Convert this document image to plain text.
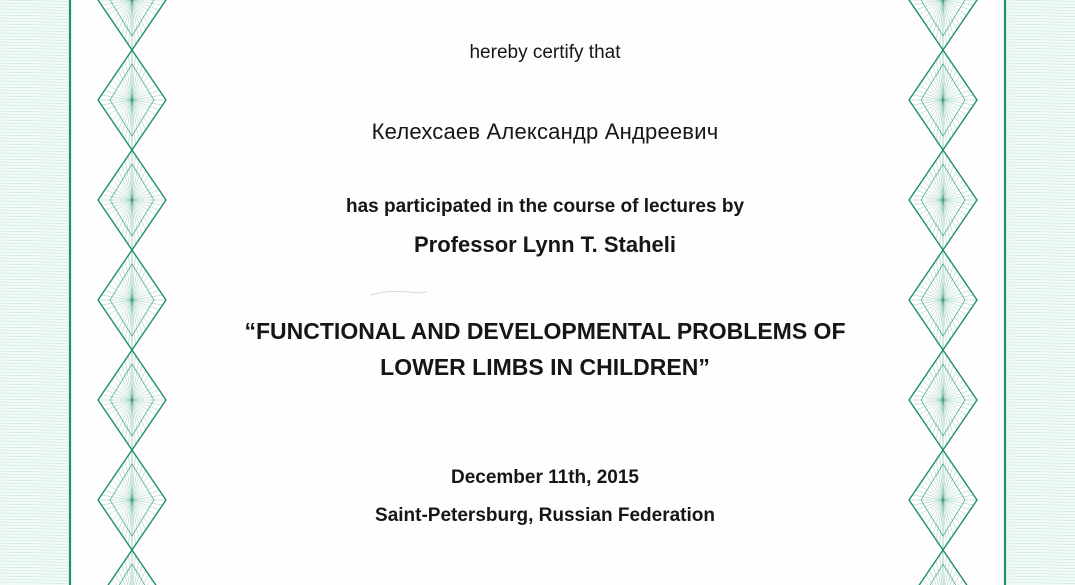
hereby certify that
Келехсаев Александр Андреевич
has participated in the course of lectures by
Professor Lynn T. Staheli
“FUNCTIONAL AND DEVELOPMENTAL PROBLEMS OF
LOWER LIMBS IN CHILDREN”
December 11th, 2015
Saint-Petersburg, Russian Federation
